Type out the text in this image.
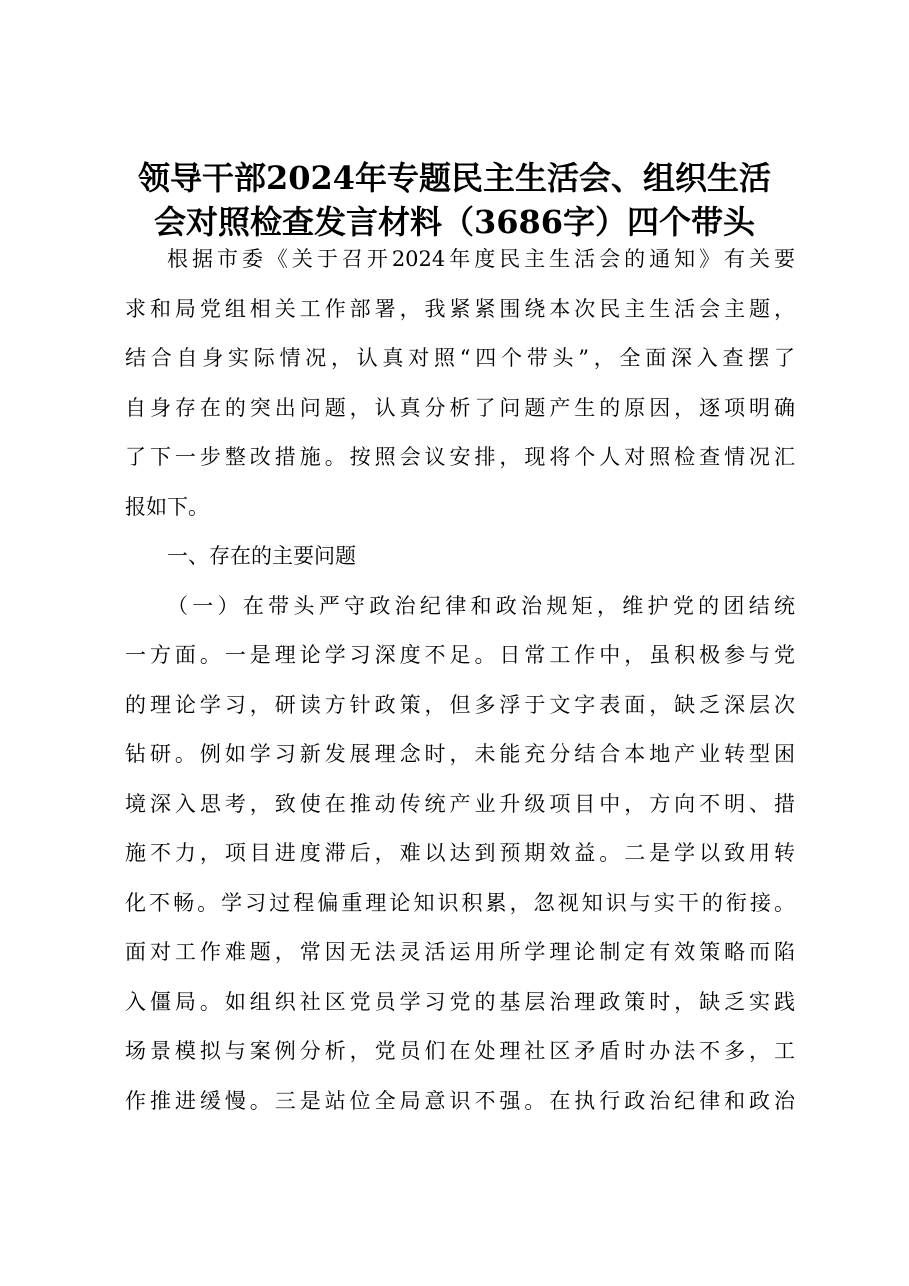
领导干部2024年专题民主生活会、组织生活
会对照检查发言材料（3686字）四个带头
根据市委《关于召开2024年度民主生活会的通知》有关要
求和局党组相关工作部署，我紧紧围绕本次民主生活会主题，
结合自身实际情况，认真对照“四个带头”，全面深入查摆了
自身存在的突出问题，认真分析了问题产生的原因，逐项明确
了下一步整改措施。按照会议安排，现将个人对照检查情况汇
报如下。
一、存在的主要问题
（一）在带头严守政治纪律和政治规矩，维护党的团结统
一方面。一是理论学习深度不足。日常工作中，虽积极参与党
的理论学习，研读方针政策，但多浮于文字表面，缺乏深层次
钻研。例如学习新发展理念时，未能充分结合本地产业转型困
境深入思考，致使在推动传统产业升级项目中，方向不明、措
施不力，项目进度滞后，难以达到预期效益。二是学以致用转
化不畅。学习过程偏重理论知识积累，忽视知识与实干的衔接。
面对工作难题，常因无法灵活运用所学理论制定有效策略而陷
入僵局。如组织社区党员学习党的基层治理政策时，缺乏实践
场景模拟与案例分析，党员们在处理社区矛盾时办法不多，工
作推进缓慢。三是站位全局意识不强。在执行政治纪律和政治
